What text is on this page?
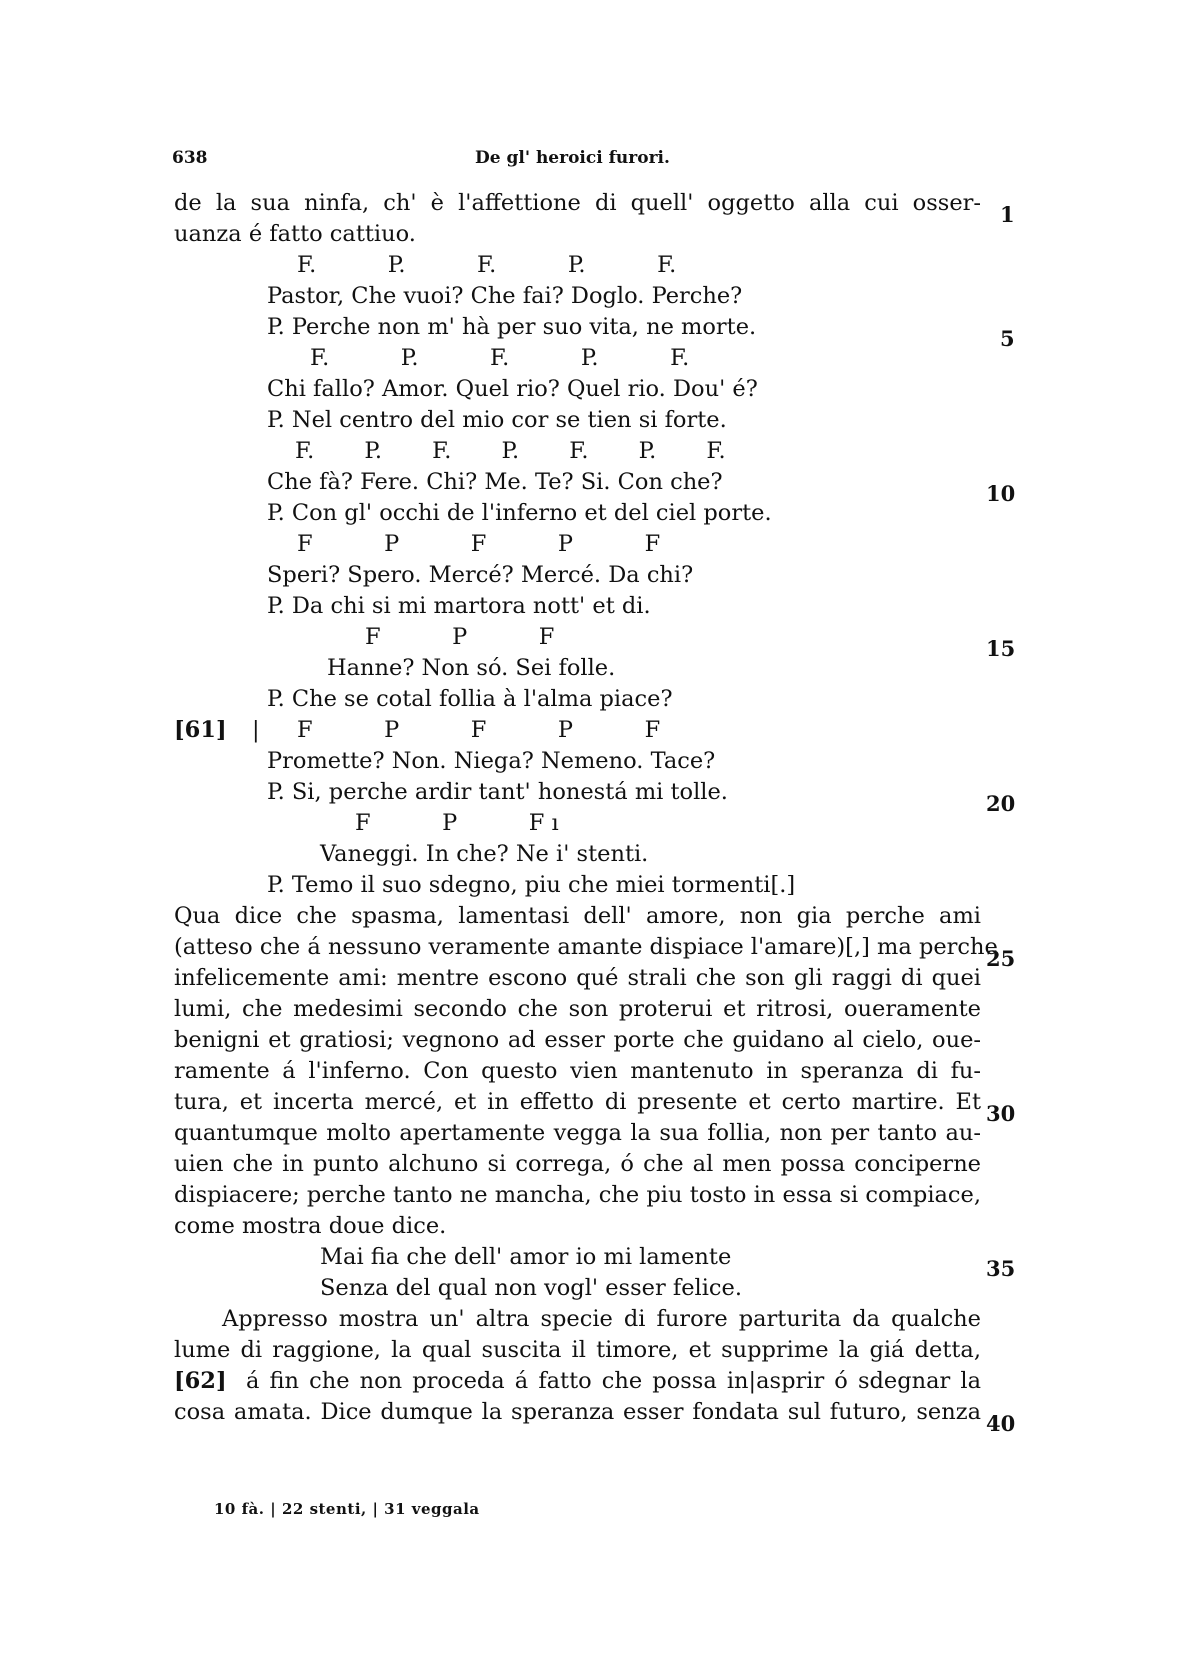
638	De gl' heroici furori.
de la sua ninfa, ch' è l'affettione di quell' oggetto alla cui osser-
uanza é fatto cattiuo.
F.          P.          F.          P.          F.
Pastor, Che vuoi? Che fai? Doglo. Perche?
P. Perche non m' hà per suo vita, ne morte.
F.          P.          F.          P.          F.
Chi fallo? Amor. Quel rio? Quel rio. Dou' é?
P. Nel centro del mio cor se tien si forte.
F.       P.       F.       P.       F.       P.       F.
Che fà? Fere. Chi? Me. Te? Si. Con che?
P. Con gl' occhi de l'inferno et del ciel porte.
F          P          F          P          F
Speri? Spero. Mercé? Mercé. Da chi?
P. Da chi si mi martora nott' et di.
F          P          F
Hanne? Non só. Sei folle.
P. Che se cotal follia à l'alma piace?
[61] | F          P          F          P          F
Promette? Non. Niega? Nemeno. Tace?
P. Si, perche ardir tant' honestá mi tolle.
F          P          F ı
Vaneggi. In che? Ne i' stenti.
P. Temo il suo sdegno, piu che miei tormenti[.]
Qua dice che spasma, lamentasi dell' amore, non gia perche ami
(atteso che á nessuno veramente amante dispiace l'amare)[,] ma perche
infelicemente ami: mentre escono qué strali che son gli raggi di quei
lumi, che medesimi secondo che son proterui et ritrosi, oueramente
benigni et gratiosi; vegnono ad esser porte che guidano al cielo, oue-
ramente á l'inferno. Con questo vien mantenuto in speranza di fu-
tura, et incerta mercé, et in effetto di presente et certo martire. Et
quantumque molto apertamente vegga la sua follia, non per tanto au-
uien che in punto alchuno si correga, ó che al men possa conciperne
dispiacere; perche tanto ne mancha, che piu tosto in essa si compiace,
come mostra doue dice.
Mai fia che dell' amor io mi lamente
Senza del qual non vogl' esser felice.
Appresso mostra un' altra specie di furore parturita da qualche
lume di raggione, la qual suscita il timore, et supprime la giá detta,
[62] á fin che non proceda á fatto che possa in|asprir ó sdegnar la
cosa amata. Dice dumque la speranza esser fondata sul futuro, senza
1
5
10
15
20
25
30
35
40
10 fà. | 22 stenti, | 31 veggala
